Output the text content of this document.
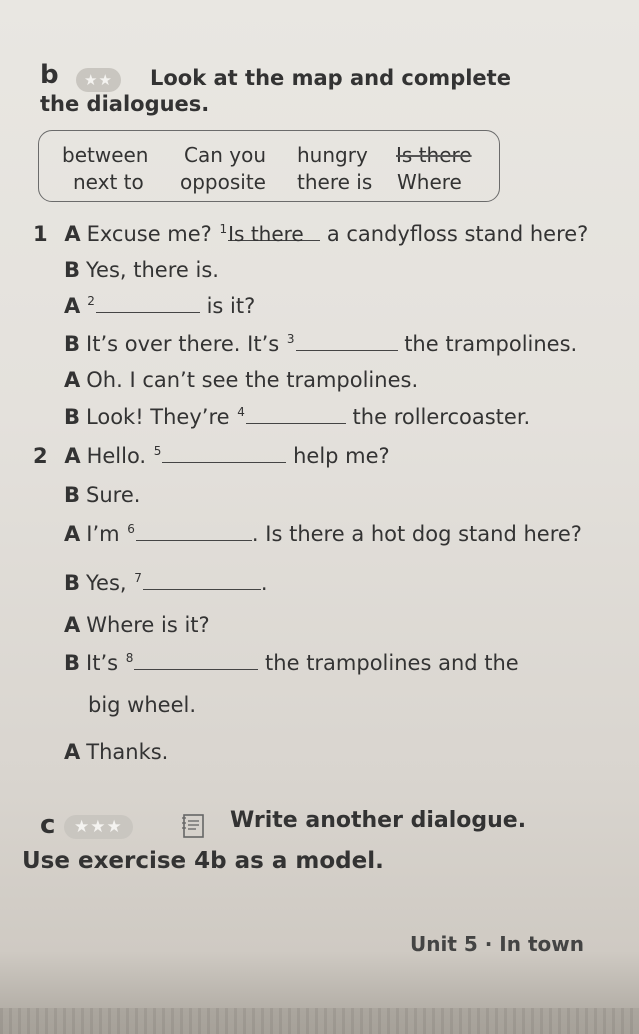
b	★★	Look at the map and complete
the dialogues.
between Can you hungry Is there
next to opposite there is Where
1 A Excuse me? $^1$Is there a candyfloss stand here?
B Yes, there is.
A $^2$	is it?
B It’s over there. It’s $^3$	the trampolines.
A Oh. I can’t see the trampolines.
B Look! They’re $^4$	the rollercoaster.
2 A Hello. $^5$	help me?
B Sure.
A I’m $^6$	. Is there a hot dog stand here?
B Yes, $^7$	.
A Where is it?
B It’s $^8$	the trampolines and the
big wheel.
A Thanks.
c	★★★	Write another dialogue.
Use exercise 4b as a model.
Unit 5 · In town
